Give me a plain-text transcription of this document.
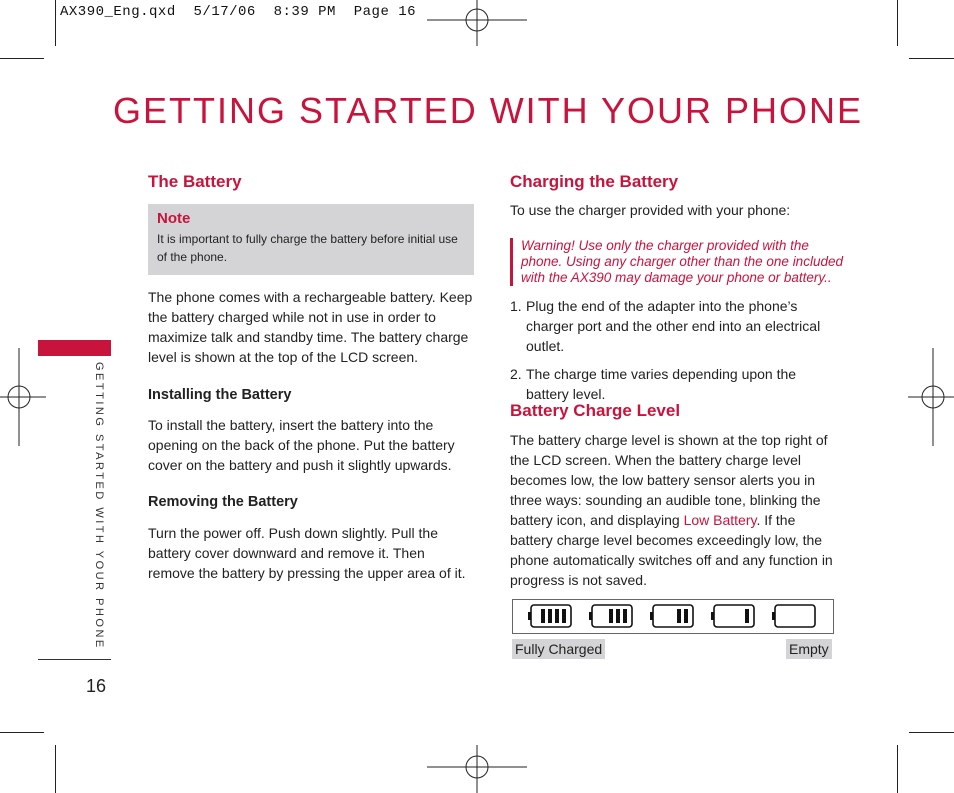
AX390_Eng.qxd  5/17/06  8:39 PM  Page 16
GETTING STARTED WITH YOUR PHONE
GETTING STARTED WITH YOUR PHONE
16
The Battery
Note
It is important to fully charge the battery before initial use of the phone.
The phone comes with a rechargeable battery. Keep the battery charged while not in use in order to maximize talk and standby time. The battery charge level is shown at the top of the LCD screen.
Installing the Battery
To install the battery, insert the battery into the opening on the back of the phone. Put the battery cover on the battery and push it slightly upwards.
Removing the Battery
Turn the power off. Push down slightly. Pull the battery cover downward and remove it. Then remove the battery by pressing the upper area of it.
Charging the Battery
To use the charger provided with your phone:
Warning! Use only the charger provided with the phone. Using any charger other than the one included with the AX390 may damage your phone or battery..
1. Plug the end of the adapter into the phone’s charger port and the other end into an electrical outlet.
2. The charge time varies depending upon the battery level.
Battery Charge Level
The battery charge level is shown at the top right of the LCD screen. When the battery charge level becomes low, the low battery sensor alerts you in three ways: sounding an audible tone, blinking the battery icon, and displaying Low Battery. If the battery charge level becomes exceedingly low, the phone automatically switches off and any function in progress is not saved.
Fully Charged	Empty
